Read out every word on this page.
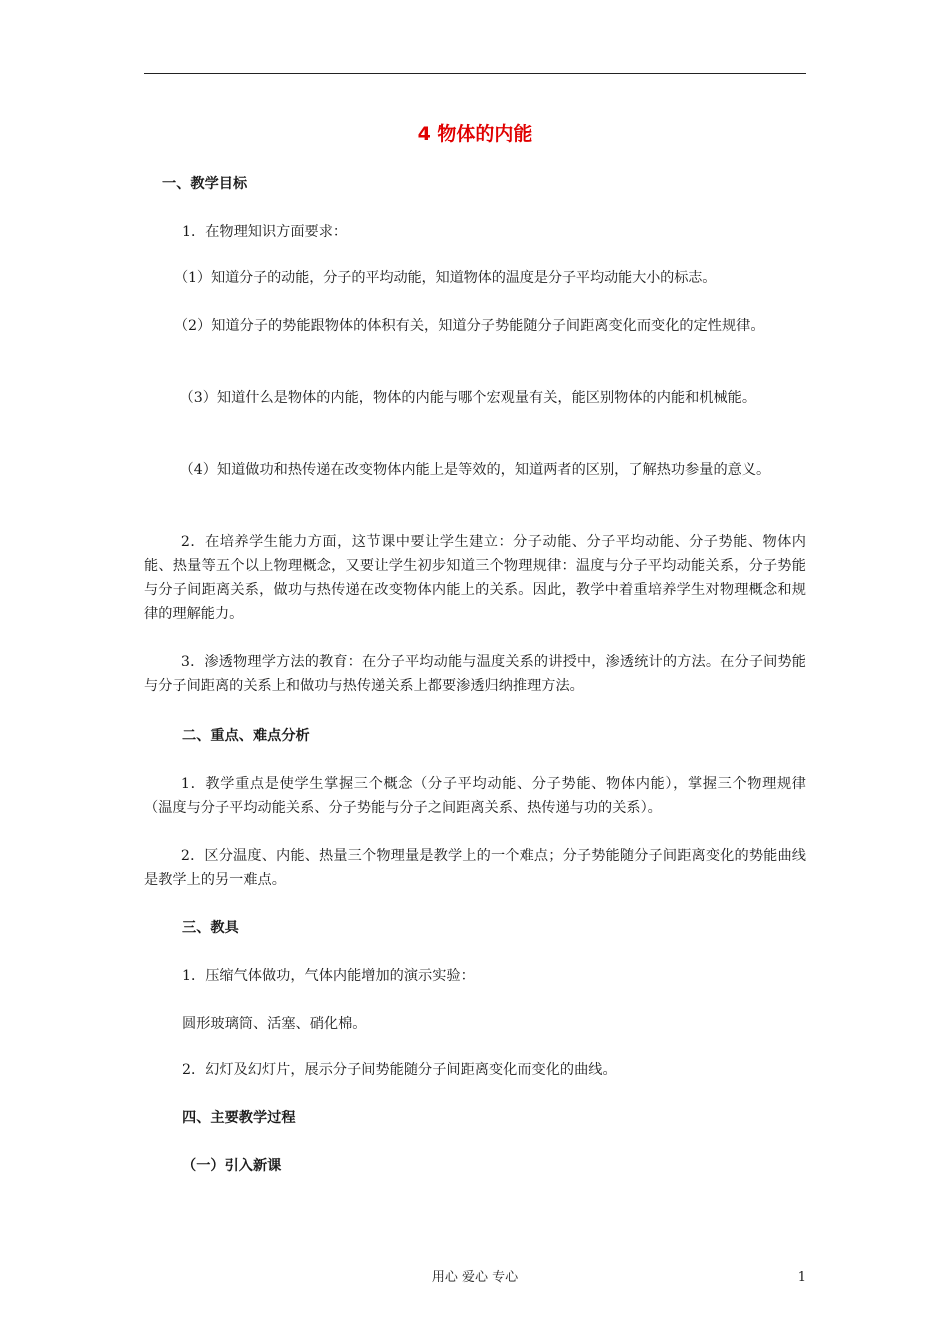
4 物体的内能

一、教学目标

1．在物理知识方面要求：

（1）知道分子的动能，分子的平均动能，知道物体的温度是分子平均动能大小的标志。

（2）知道分子的势能跟物体的体积有关，知道分子势能随分子间距离变化而变化的定性规律。

（3）知道什么是物体的内能，物体的内能与哪个宏观量有关，能区别物体的内能和机械能。

（4）知道做功和热传递在改变物体内能上是等效的，知道两者的区别，了解热功参量的意义。

2．在培养学生能力方面，这节课中要让学生建立：分子动能、分子平均动能、分子势能、物体内能、热量等五个以上物理概念，又要让学生初步知道三个物理规律：温度与分子平均动能关系，分子势能与分子间距离关系，做功与热传递在改变物体内能上的关系。因此，教学中着重培养学生对物理概念和规律的理解能力。

3．渗透物理学方法的教育：在分子平均动能与温度关系的讲授中，渗透统计的方法。在分子间势能与分子间距离的关系上和做功与热传递关系上都要渗透归纳推理方法。

二、重点、难点分析

1．教学重点是使学生掌握三个概念（分子平均动能、分子势能、物体内能），掌握三个物理规律（温度与分子平均动能关系、分子势能与分子之间距离关系、热传递与功的关系）。

2．区分温度、内能、热量三个物理量是教学上的一个难点；分子势能随分子间距离变化的势能曲线是教学上的另一难点。

三、教具

1．压缩气体做功，气体内能增加的演示实验：

圆形玻璃筒、活塞、硝化棉。

2．幻灯及幻灯片，展示分子间势能随分子间距离变化而变化的曲线。

四、主要教学过程

（一）引入新课

用心 爱心 专心	1
